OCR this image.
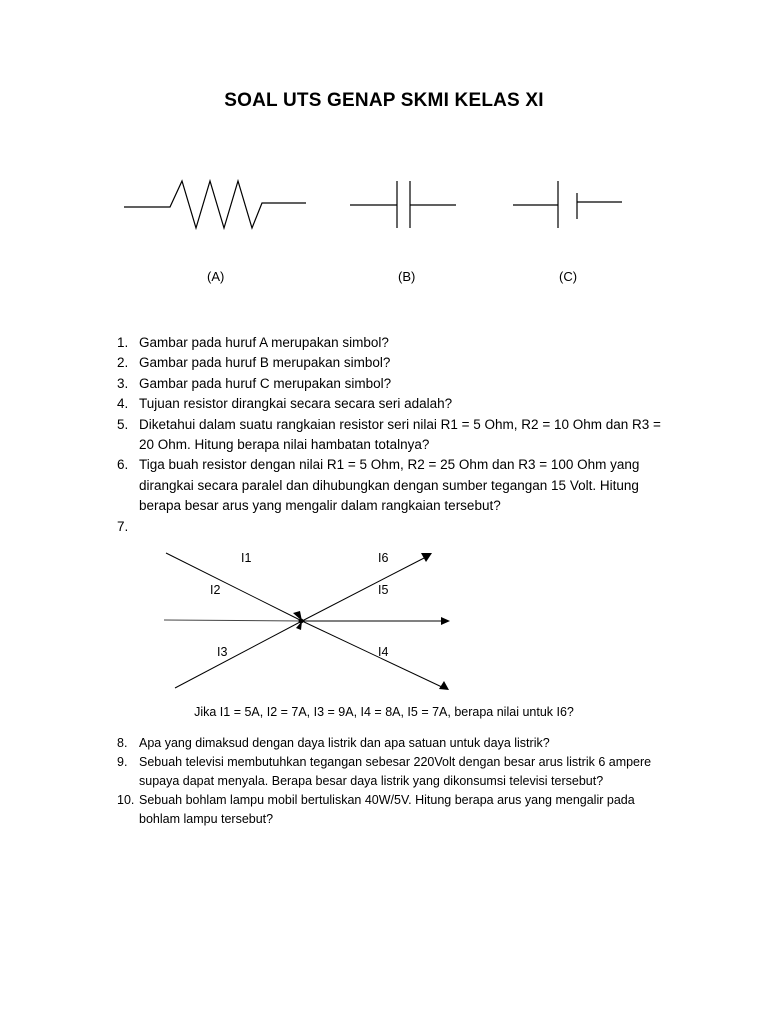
SOAL UTS GENAP SKMI KELAS XI
(A)	(B)	(C)
1. Gambar pada huruf A merupakan simbol?
2. Gambar pada huruf B merupakan simbol?
3. Gambar pada huruf C merupakan simbol?
4. Tujuan resistor dirangkai secara secara seri adalah?
5. Diketahui dalam suatu rangkaian resistor seri nilai R1 = 5 Ohm, R2 = 10 Ohm dan R3 = 20 Ohm. Hitung berapa nilai hambatan totalnya?
6. Tiga buah resistor dengan nilai R1 = 5 Ohm, R2 = 25 Ohm dan R3 = 100 Ohm yang dirangkai secara paralel dan dihubungkan dengan sumber tegangan 15 Volt. Hitung berapa besar arus yang mengalir dalam rangkaian tersebut?
7.

I1
I2
I3
I6
I5
I4
Jika I1 = 5A, I2 = 7A, I3 = 9A, I4 = 8A, I5 = 7A, berapa nilai untuk I6?
8. Apa yang dimaksud dengan daya listrik dan apa satuan untuk daya listrik?
9. Sebuah televisi membutuhkan tegangan sebesar 220Volt dengan besar arus listrik 6 ampere supaya dapat menyala. Berapa besar daya listrik yang dikonsumsi televisi tersebut?
10. Sebuah bohlam lampu mobil bertuliskan 40W/5V. Hitung berapa arus yang mengalir pada bohlam lampu tersebut?
